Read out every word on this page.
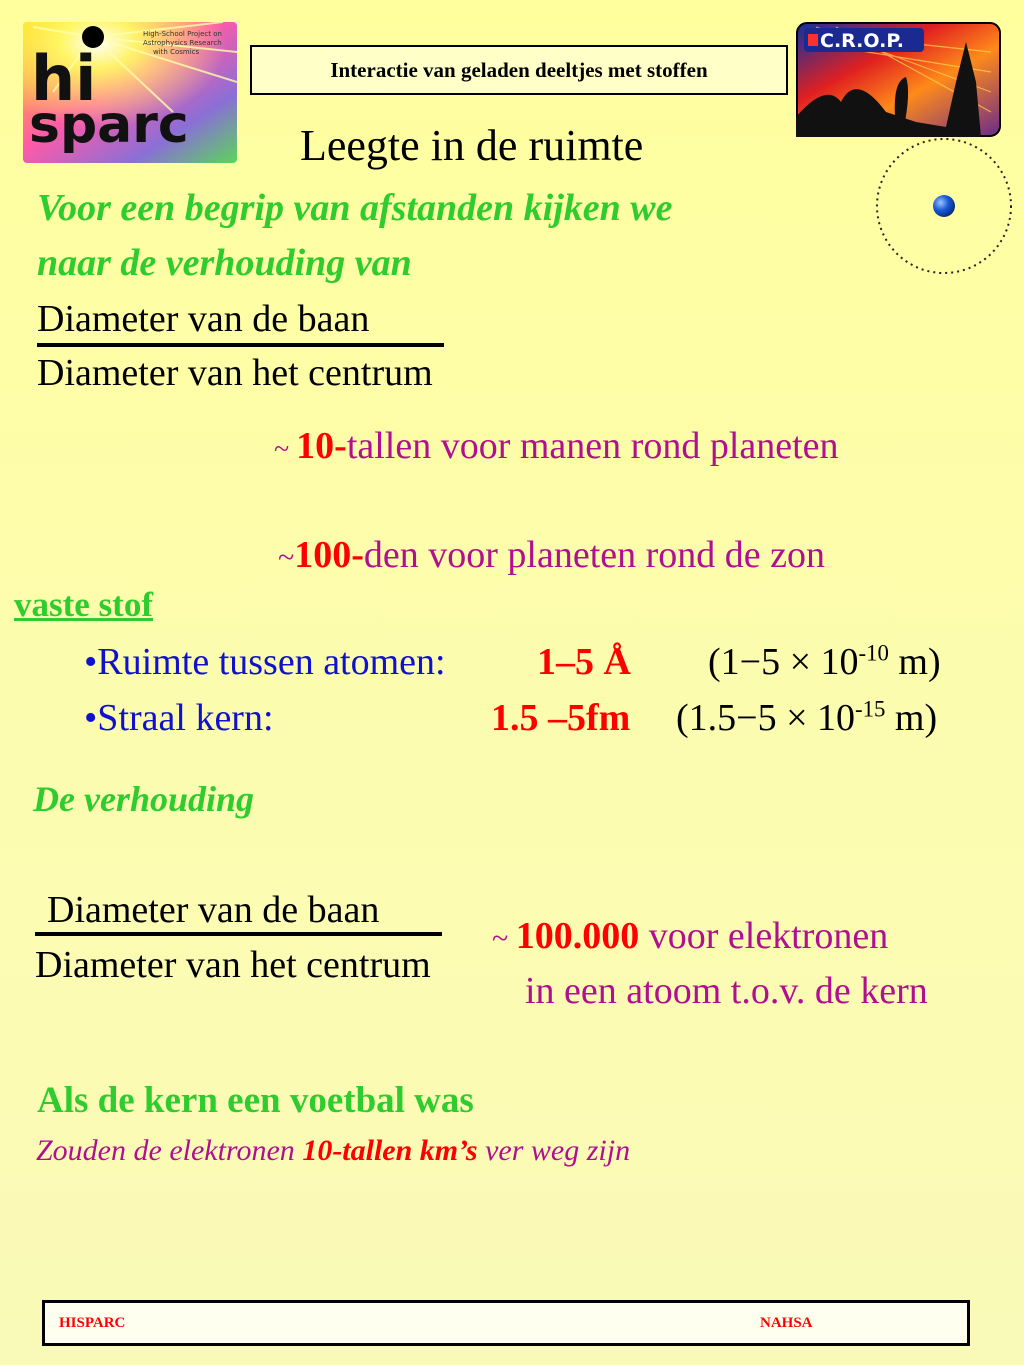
hi
sparc
High-School Project on
Astrophysics Research
with Cosmics
Interactie van geladen deeltjes met stoffen
C.R.O.P.
Leegte in de ruimte
Voor een begrip van afstanden kijken we
naar de verhouding van
Diameter van de baan
Diameter van het centrum
~ 10-tallen voor manen rond planeten
~100-den voor planeten rond de zon
vaste stof
•Ruimte tussen atomen: 1–5 Å ($1-5 \times 10^{-10}$ m)
•Straal kern:	1.5 –5fm ($1.5-5 \times 10^{-15}$ m)
De verhouding
Diameter van de baan
Diameter van het centrum
~ 100.000 voor elektronen
in een atoom t.o.v. de kern
Als de kern een voetbal was
Zouden de elektronen 10-tallen km’s ver weg zijn
HISPARC	NAHSA
